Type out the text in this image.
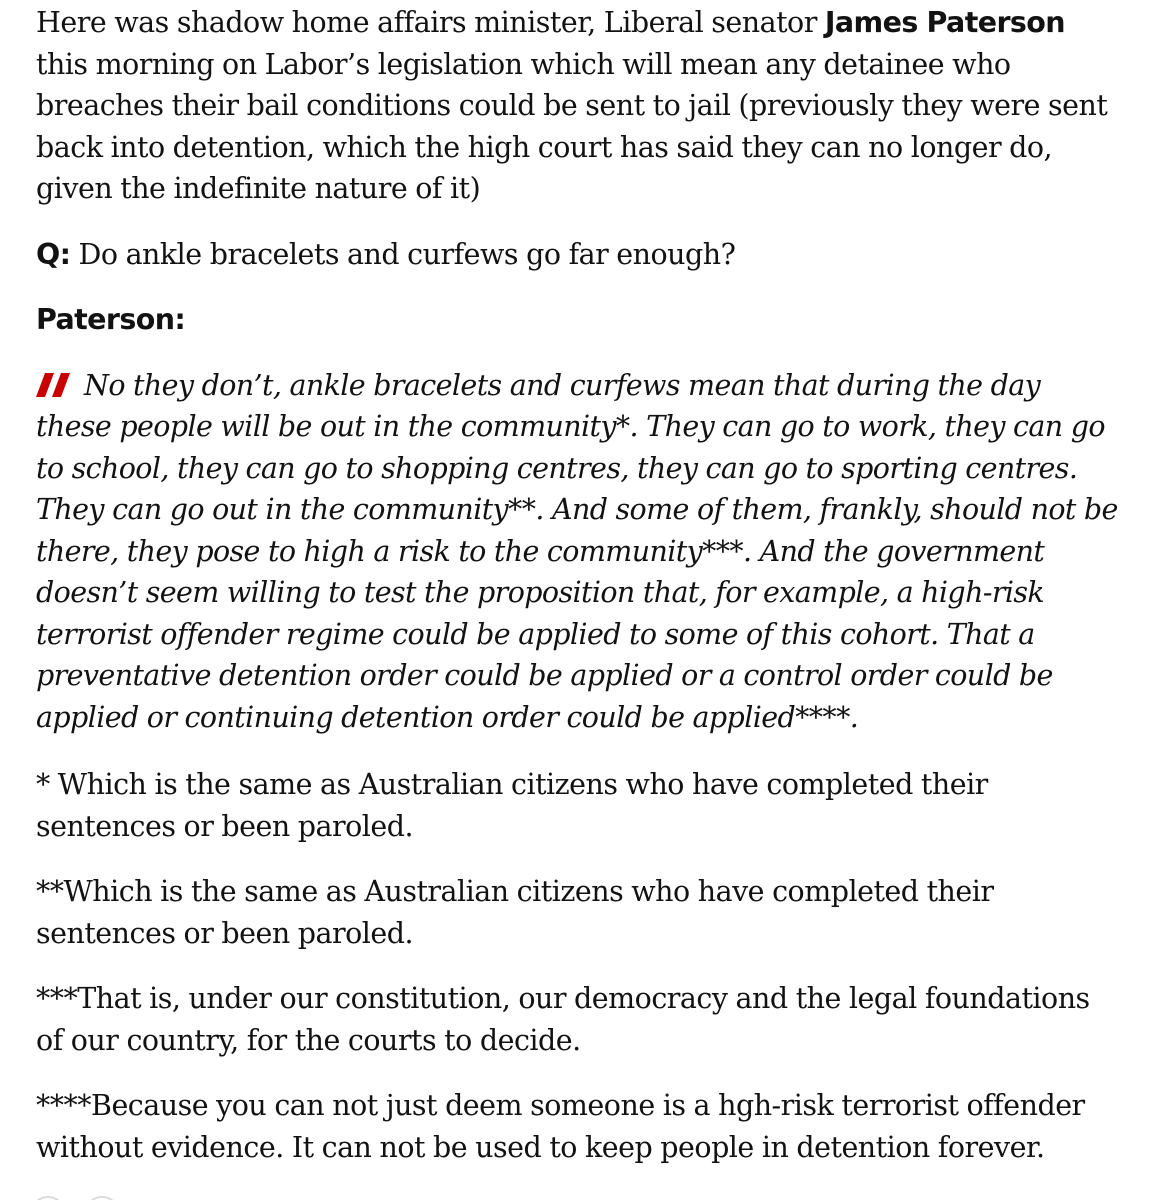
Here was shadow home affairs minister, Liberal senator James Paterson this morning on Labor’s legislation which will mean any detainee who breaches their bail conditions could be sent to jail (previously they were sent back into detention, which the high court has said they can no longer do, given the indefinite nature of it)

Q: Do ankle bracelets and curfews go far enough?

Paterson:

No they don’t, ankle bracelets and curfews mean that during the day these people will be out in the community*. They can go to work, they can go to school, they can go to shopping centres, they can go to sporting centres. They can go out in the community**. And some of them, frankly, should not be there, they pose to high a risk to the community***. And the government doesn’t seem willing to test the proposition that, for example, a high-risk terrorist offender regime could be applied to some of this cohort. That a preventative detention order could be applied or a control order could be applied or continuing detention order could be applied****.

* Which is the same as Australian citizens who have completed their sentences or been paroled.

**Which is the same as Australian citizens who have completed their sentences or been paroled.

***That is, under our constitution, our democracy and the legal foundations of our country, for the courts to decide.

****Because you can not just deem someone is a hgh-risk terrorist offender without evidence. It can not be used to keep people in detention forever.
